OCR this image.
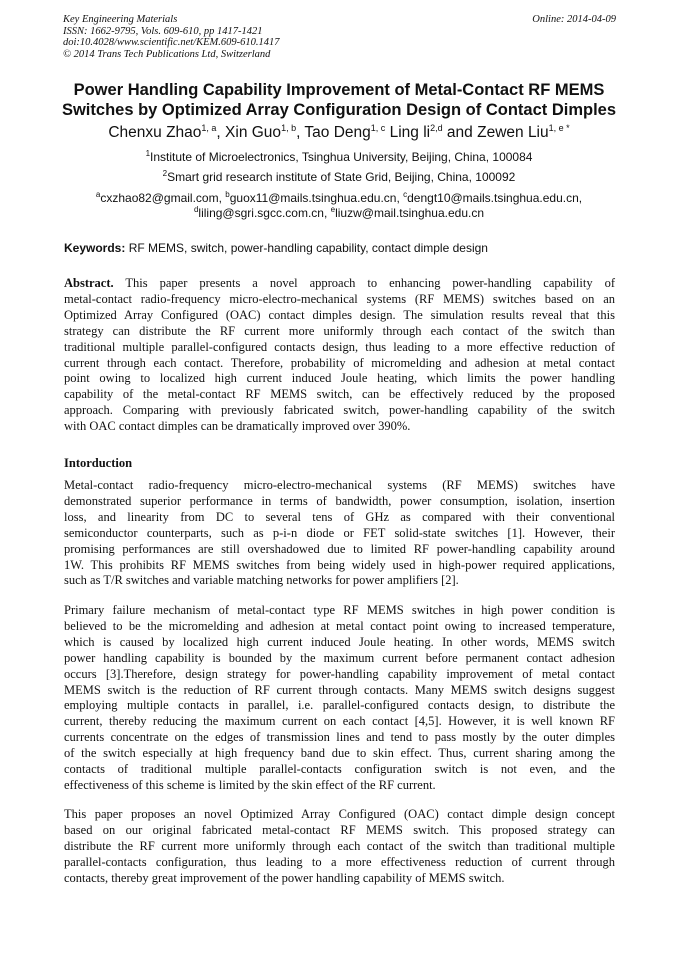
Key Engineering Materials
ISSN: 1662-9795, Vols. 609-610, pp 1417-1421
doi:10.4028/www.scientific.net/KEM.609-610.1417
© 2014 Trans Tech Publications Ltd, Switzerland
Online: 2014-04-09
Power Handling Capability Improvement of Metal-Contact RF MEMS
Switches by Optimized Array Configuration Design of Contact Dimples
Chenxu Zhao$^{1, a}$, Xin Guo$^{1, b}$, Tao Deng$^{1, c}$ Ling li$^{2,d}$ and Zewen Liu$^{1, e *}$
$^1$Institute of Microelectronics, Tsinghua University, Beijing, China, 100084
$^2$Smart grid research institute of State Grid, Beijing, China, 100092
$^a$cxzhao82@gmail.com, $^b$guox11@mails.tsinghua.edu.cn, $^c$dengt10@mails.tsinghua.edu.cn,
$^d$liling@sgri.sgcc.com.cn, $^e$liuzw@mail.tsinghua.edu.cn
Keywords: RF MEMS, switch, power-handling capability, contact dimple design
Abstract. This paper presents a novel approach to enhancing power-handling capability of
metal-contact radio-frequency micro-electro-mechanical systems (RF MEMS) switches based on an
Optimized Array Configured (OAC) contact dimples design. The simulation results reveal that this
strategy can distribute the RF current more uniformly through each contact of the switch than
traditional multiple parallel-configured contacts design, thus leading to a more effective reduction of
current through each contact. Therefore, probability of micromelding and adhesion at metal contact
point owing to localized high current induced Joule heating, which limits the power handling
capability of the metal-contact RF MEMS switch, can be effectively reduced by the proposed
approach. Comparing with previously fabricated switch, power-handling capability of the switch
with OAC contact dimples can be dramatically improved over 390%.
Intorduction
Metal-contact radio-frequency micro-electro-mechanical systems (RF MEMS) switches have
demonstrated superior performance in terms of bandwidth, power consumption, isolation, insertion
loss, and linearity from DC to several tens of GHz as compared with their conventional
semiconductor counterparts, such as p-i-n diode or FET solid-state switches [1]. However, their
promising performances are still overshadowed due to limited RF power-handling capability around
1W. This prohibits RF MEMS switches from being widely used in high-power required applications,
such as T/R switches and variable matching networks for power amplifiers [2].
Primary failure mechanism of metal-contact type RF MEMS switches in high power condition is
believed to be the micromelding and adhesion at metal contact point owing to increased temperature,
which is caused by localized high current induced Joule heating. In other words, MEMS switch
power handling capability is bounded by the maximum current before permanent contact adhesion
occurs [3].Therefore, design strategy for power-handling capability improvement of metal contact
MEMS switch is the reduction of RF current through contacts. Many MEMS switch designs suggest
employing multiple contacts in parallel, i.e. parallel-configured contacts design, to distribute the
current, thereby reducing the maximum current on each contact [4,5]. However, it is well known RF
currents concentrate on the edges of transmission lines and tend to pass mostly by the outer dimples
of the switch especially at high frequency band due to skin effect. Thus, current sharing among the
contacts of traditional multiple parallel-contacts configuration switch is not even, and the
effectiveness of this scheme is limited by the skin effect of the RF current.
This paper proposes an novel Optimized Array Configured (OAC) contact dimple design concept
based on our original fabricated metal-contact RF MEMS switch. This proposed strategy can
distribute the RF current more uniformly through each contact of the switch than traditional multiple
parallel-contacts configuration, thus leading to a more effectiveness reduction of current through
contacts, thereby great improvement of the power handling capability of MEMS switch.
